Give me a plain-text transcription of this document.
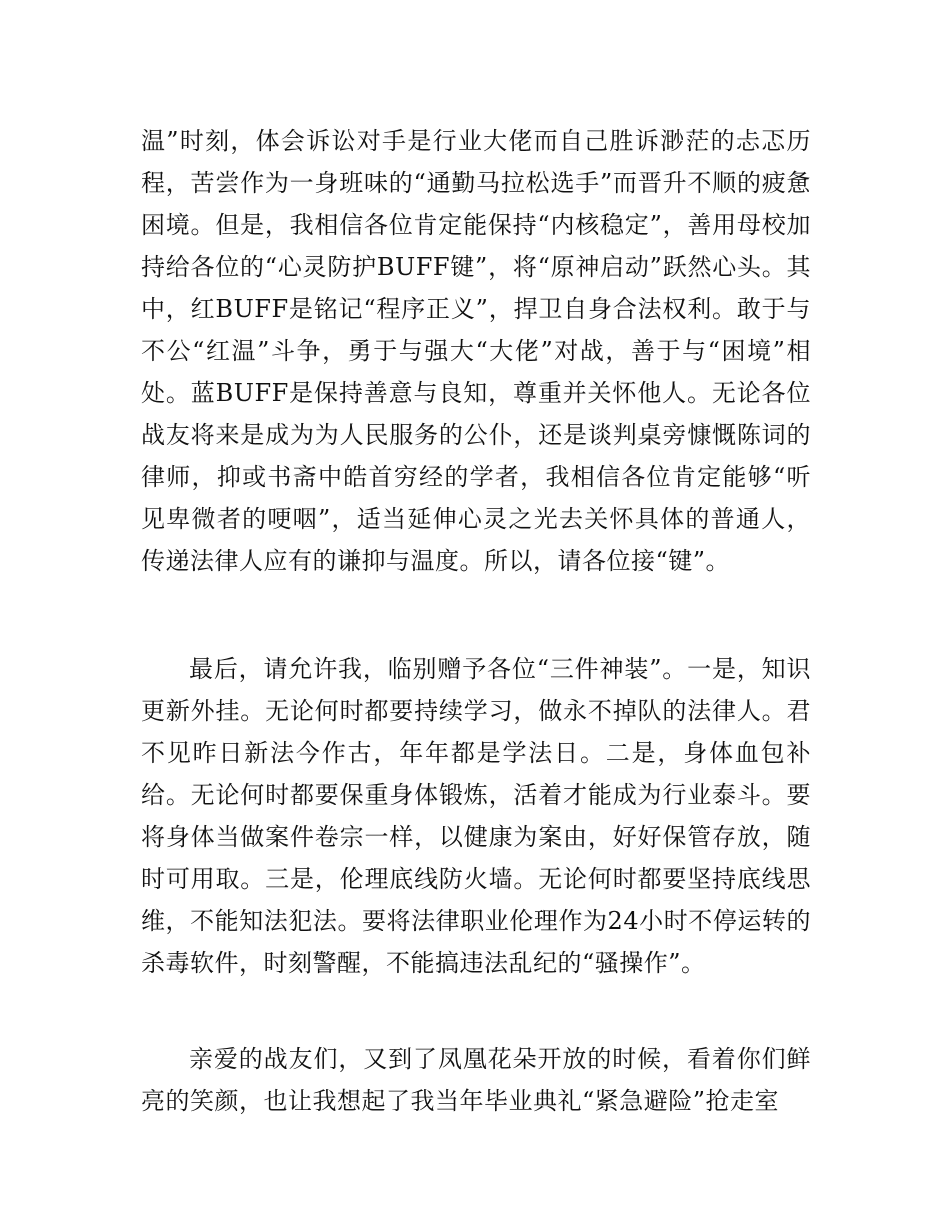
温”时刻，体会诉讼对手是行业大佬而自己胜诉渺茫的忐忑历程，苦尝作为一身班味的“通勤马拉松选手”而晋升不顺的疲惫困境。但是，我相信各位肯定能保持“内核稳定”，善用母校加持给各位的“心灵防护BUFF键”，将“原神启动”跃然心头。其中，红BUFF是铭记“程序正义”，捍卫自身合法权利。敢于与不公“红温”斗争，勇于与强大“大佬”对战，善于与“困境”相处。蓝BUFF是保持善意与良知，尊重并关怀他人。无论各位战友将来是成为为人民服务的公仆，还是谈判桌旁慷慨陈词的律师，抑或书斋中皓首穷经的学者，我相信各位肯定能够“听见卑微者的哽咽”，适当延伸心灵之光去关怀具体的普通人，传递法律人应有的谦抑与温度。所以，请各位接“键”。

最后，请允许我，临别赠予各位“三件神装”。一是，知识更新外挂。无论何时都要持续学习，做永不掉队的法律人。君不见昨日新法今作古，年年都是学法日。二是，身体血包补给。无论何时都要保重身体锻炼，活着才能成为行业泰斗。要将身体当做案件卷宗一样，以健康为案由，好好保管存放，随时可用取。三是，伦理底线防火墙。无论何时都要坚持底线思维，不能知法犯法。要将法律职业伦理作为24小时不停运转的杀毒软件，时刻警醒，不能搞违法乱纪的“骚操作”。

亲爱的战友们，又到了凤凰花朵开放的时候，看着你们鲜亮的笑颜，也让我想起了我当年毕业典礼“紧急避险”抢走室
